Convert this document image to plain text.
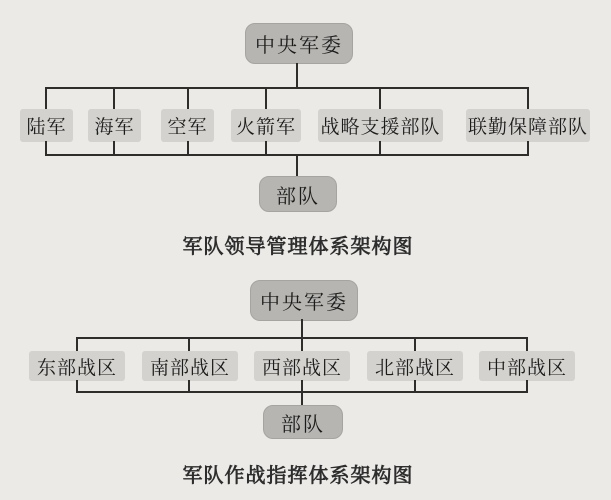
中央军委
陆军	海军	空军	火箭军 战略支援部队 联勤保障部队
部队
军队领导管理体系架构图
中央军委
东部战区	南部战区	西部战区	北部战区	中部战区
部队
军队作战指挥体系架构图
